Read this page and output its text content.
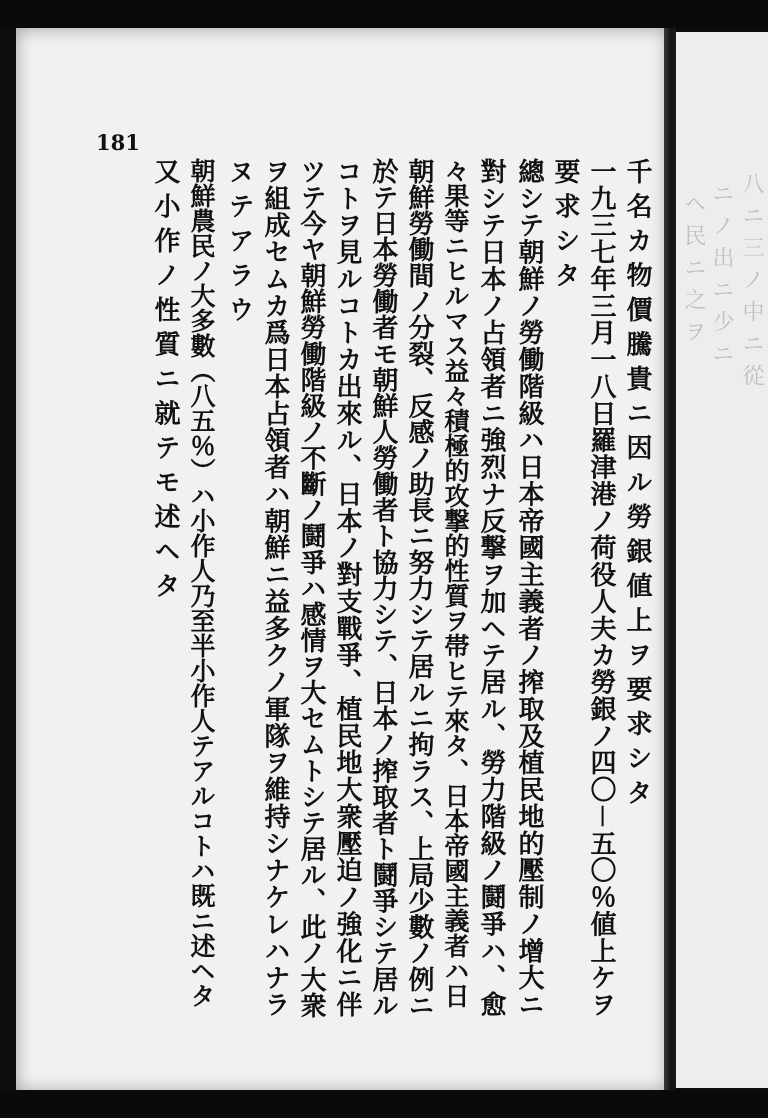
181
千名カ物價騰貴ニ因ル勞銀値上ヲ要求シタ
一九三七年三月一八日羅津港ノ荷役人夫カ勞銀ノ四〇－五〇％値上ケヲ
要求シタ
總シテ朝鮮ノ勞働階級ハ日本帝國主義者ノ搾取及植民地的壓制ノ增大ニ
對シテ日本ノ占領者ニ強烈ナ反撃ヲ加ヘテ居ル、勞力階級ノ鬪爭ハ、愈
々果等ニヒルマス益々積極的攻撃的性質ヲ帯ヒテ來タ、日本帝國主義者ハ日
朝鮮勞働間ノ分裂、反感ノ助長ニ努力シテ居ルニ拘ラス、上局少數ノ例ニ
於テ日本勞働者モ朝鮮人勞働者ト協力シテ、日本ノ搾取者ト鬪爭シテ居ル
コトヲ見ルコトカ出來ル、日本ノ對支戰爭、植民地大衆壓迫ノ強化ニ伴
ツテ今ヤ朝鮮勞働階級ノ不斷ノ鬪爭ハ感情ヲ大セムトシテ居ル、此ノ大衆
ヲ組成セムカ爲日本占領者ハ朝鮮ニ益多クノ軍隊ヲ維持シナケレハナラ
ヌテアラウ
朝鮮農民ノ大多數（八五％）ハ小作人乃至半小作人テアルコトハ既ニ述ヘタ
又小作ノ性質ニ就テモ述ヘタ	八ニ三ノ中ニ從
ニノ出ニ少ニ
ヘ民ニ之ヲ
